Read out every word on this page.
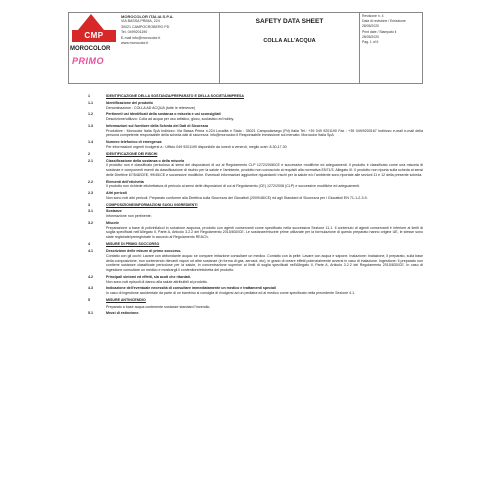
CMP
MOROCOLOR
PRIMO
MOROCOLOR ITALIA S.P.A.
VIA BASSA PRIMA, 224
30021 CAMPOCROBERO PD
Tel. 0499201190
E-mail info@morocolor.it
www.morocolor.it
SAFETY DATA SHEET
COLLA ALL'ACQUA
Revisione n. 4
Data di revisione / Emissione
28/05/2020
Print date / Stampato il
28/05/2020
Pag. 1 of 6
1	IDENTIFICAZIONE DELLA SOSTANZA/PREPARATO E DELLA SOCIETÀ/IMPRESA
1.1	Identificazione del prodotto
Denominazione : COLLA AD ACQUA (tutte le referenze)
1.2	Pertinenti usi identificati della sostanza o miscela e usi sconsigliati
Descrizione/utilizzo: Colla ad acqua per uso artistico, gioco, scolastico ed hobby.
1.3	Informazioni sul fornitore della Scheda del Dati di Sicurezza
Produttore : Morocolor Italia SpA Indirizzo: Via Bassa Prima n.224 Località e Stato : 35021 Campodarsego (Pd) Italia Tel.: +39 049 9201190 Fax : +39 049/9200167 Indirizzo e-mail e-mail della persona competente responsabile della scheda dati di sicurezza: info@morocolor.it Responsabile immissione sul mercato: Morocolor Italia SpA
1.4	Numero telefonico di emergenza
Per informazioni urgenti rivolgersi a : Ufficio 049 9201190 disponibile da lunedì a venerdì, meglio orari: 8.30-17.30
2	IDENTIFICAZIONE DEI RISCHI
2.1	Classificazione della sostanza o della miscela
Il prodotto non è classificato pericoloso ai sensi del disposizioni di cui al Regolamento CLP 1272/2008/CE e successive modifiche ed adeguamenti. Il prodotto è classificato come una miscela di sostanze e componenti esenti da classificazione di rischio per la salute e l'ambiente, prodotto non conosciuto ai requisiti alla normativa EN71/3. Allegato III. Il prodotto non riporta sulla scheda ai sensi delle Direttive 67/548/CEE, 99/45/CE e successive modifiche. Eventuali informazioni aggiuntive riguardanti i rischi per la salute e/o l'ambiente sono riportate alle sezioni 11 e 12 della presente scheda.
2.2	Elementi dell'etichetta
Il prodotto non richiede etichettatura di pericolo ai sensi delle disposizioni di cui al Regolamento (CE) 1272/2008 (CLP) e successive modifiche ed adeguamenti.
2.3	Altri pericoli
Non sono noti altri pericoli. Preparato conforme alla Direttiva sulla Sicurezza dei Giocattoli (2009/48/CE) ed agli Standard di Sicurezza per i Giocattoli EN 71-1-2-3-9.
3	COMPOSIZIONE/INFORMAZIONI SUGLI INGREDIENTI
3.1	Sostanze
Informazione non pertinente.
3.2	Miscele
Preparazione a base di polivinilalcol in soluzione acquosa, prodotto con agenti conservanti come specificato nella successiva Sezione 11.1. Il contenuto di agenti conservanti è inferiore ai limiti di soglia specificati nell'Allegato II, Parte A, Articolo 3.2.2 del Regolamento 2015/830/CE. Le sostanze/miscele prime utilizzate per la formulazione di questo preparato hanno origine UE, le stesse sono state registrate/preregistrate in accordo al Regolamento REACh.
4	MISURE DI PRIMO SOCCORSO
4.1	Descrizione delle misure di primo soccorso.
Contatto con gli occhi: Lavare con abbondante acqua: se compare irritazione consultare un medico. Contatto con la pelle: Lavare con acqua e sapone. Inalazione: Inalazione, il preparato, sulla base della composizione, non contenendo rilevanti vapori od altre sostanze (in forma di gas, aerosol, etc), in grado di creare effetti potenzialmente avversi in caso di inalazione. Ingestione: Il preparato non contiene sostanze classificate pericolose per la salute, in concentrazione superiori ai limiti di soglia specificati nell'Allegato II, Parte A, Articolo 3.2.2 del Regolamento 2015/830/CE. In caso di ingestione consultare un medico e mostrargli il contenitore/etichetta del prodotto.
4.2	Principali sintomi ed effetti, sia acuti che ritardati.
Non sono noti episodi di danno alla salute attribuibili al prodotto.
4.3	Indicazione dell'eventuale necessità di consultare immediatamente un medico e trattamenti speciali
In caso di ingestione accidentale da parte di un bambino si consiglia di rivolgersi ad un pediatra ed al medico come specificato nella precedente Sezione 4.1.
5	MISURE ANTINCENDIO
Preparato a base acqua contenente sostanze standard l'incendio.
5.1	Mezzi di estinzione.
